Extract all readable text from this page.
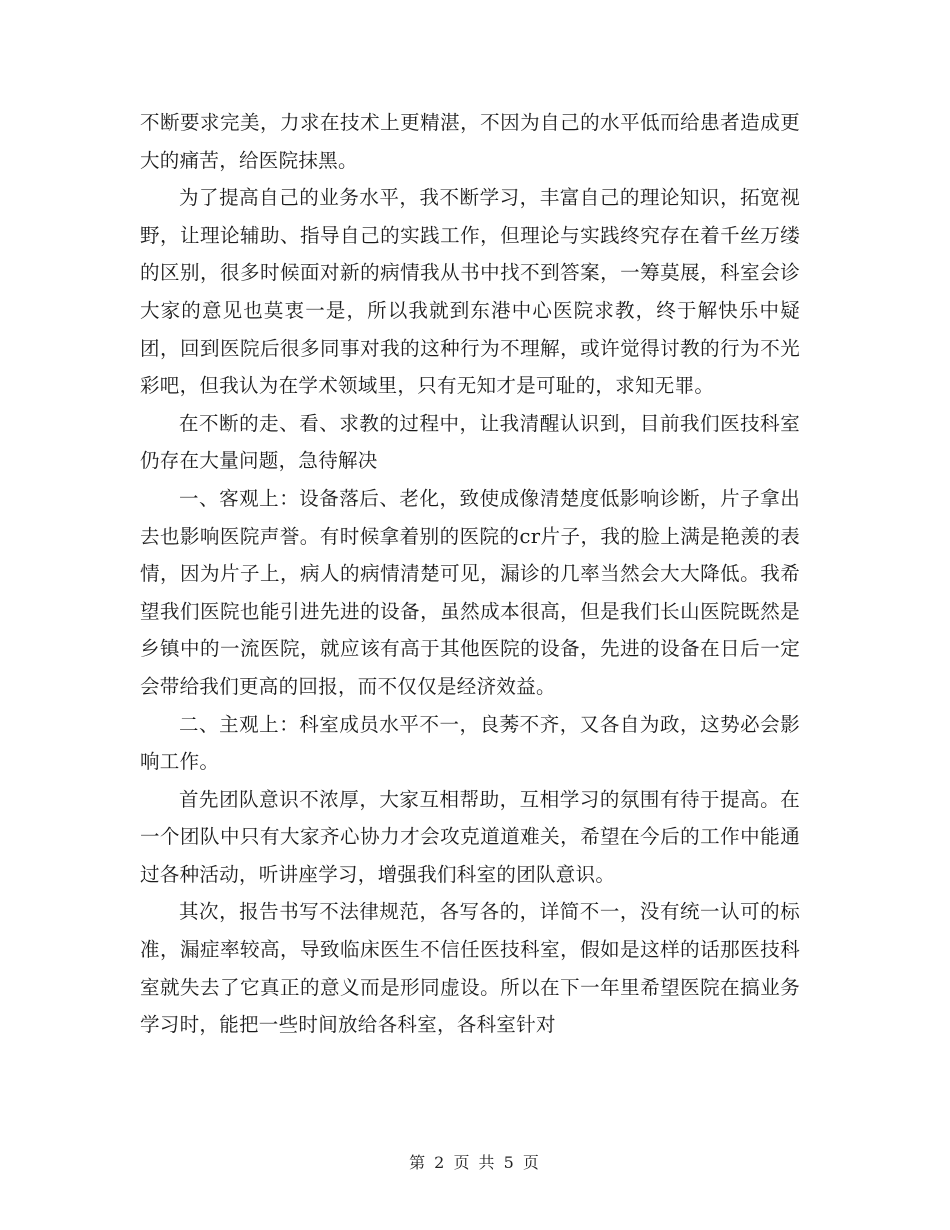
不断要求完美，力求在技术上更精湛，不因为自己的水平低而给患者造成更大的痛苦，给医院抹黑。

为了提高自己的业务水平，我不断学习，丰富自己的理论知识，拓宽视野，让理论辅助、指导自己的实践工作，但理论与实践终究存在着千丝万缕的区别，很多时候面对新的病情我从书中找不到答案，一筹莫展，科室会诊大家的意见也莫衷一是，所以我就到东港中心医院求教，终于解快乐中疑团，回到医院后很多同事对我的这种行为不理解，或许觉得讨教的行为不光彩吧，但我认为在学术领域里，只有无知才是可耻的，求知无罪。

在不断的走、看、求教的过程中，让我清醒认识到，目前我们医技科室仍存在大量问题，急待解决

一、客观上：设备落后、老化，致使成像清楚度低影响诊断，片子拿出去也影响医院声誉。有时候拿着别的医院的cr片子，我的脸上满是艳羡的表情，因为片子上，病人的病情清楚可见，漏诊的几率当然会大大降低。我希望我们医院也能引进先进的设备，虽然成本很高，但是我们长山医院既然是乡镇中的一流医院，就应该有高于其他医院的设备，先进的设备在日后一定会带给我们更高的回报，而不仅仅是经济效益。

二、主观上：科室成员水平不一，良莠不齐，又各自为政，这势必会影响工作。

首先团队意识不浓厚，大家互相帮助，互相学习的氛围有待于提高。在一个团队中只有大家齐心协力才会攻克道道难关，希望在今后的工作中能通过各种活动，听讲座学习，增强我们科室的团队意识。

其次，报告书写不法律规范，各写各的，详简不一，没有统一认可的标准，漏症率较高，导致临床医生不信任医技科室，假如是这样的话那医技科室就失去了它真正的意义而是形同虚设。所以在下一年里希望医院在搞业务学习时，能把一些时间放给各科室，各科室针对

第 2 页 共 5 页
